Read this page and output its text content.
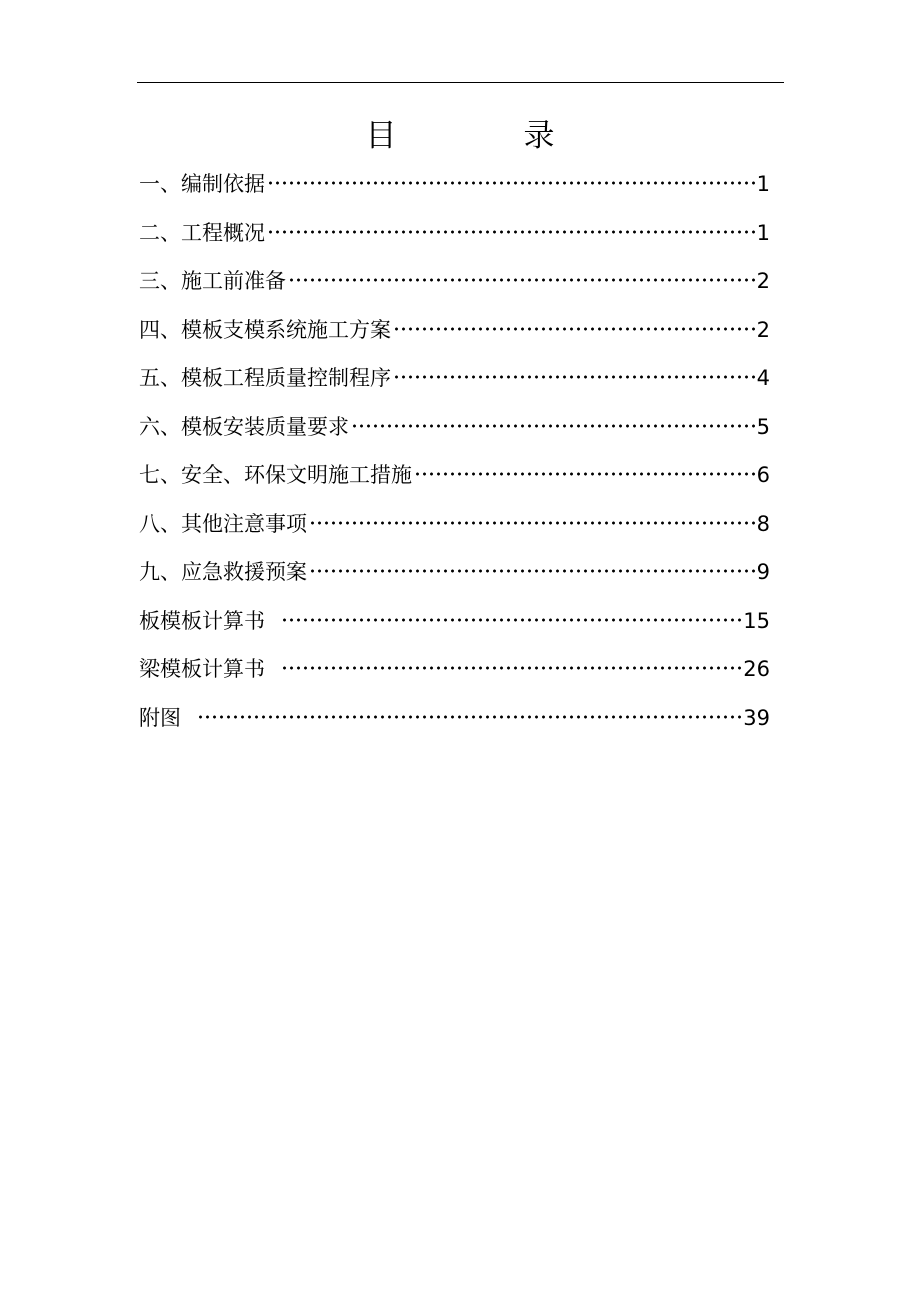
目　录
一、编制依据	1
二、工程概况	1
三、施工前准备	2
四、模板支模系统施工方案	2
五、模板工程质量控制程序	4
六、模板安装质量要求	5
七、安全、环保文明施工措施	6
八、其他注意事项	8
九、应急救援预案	9
板模板计算书	15
梁模板计算书	26
附图	39
